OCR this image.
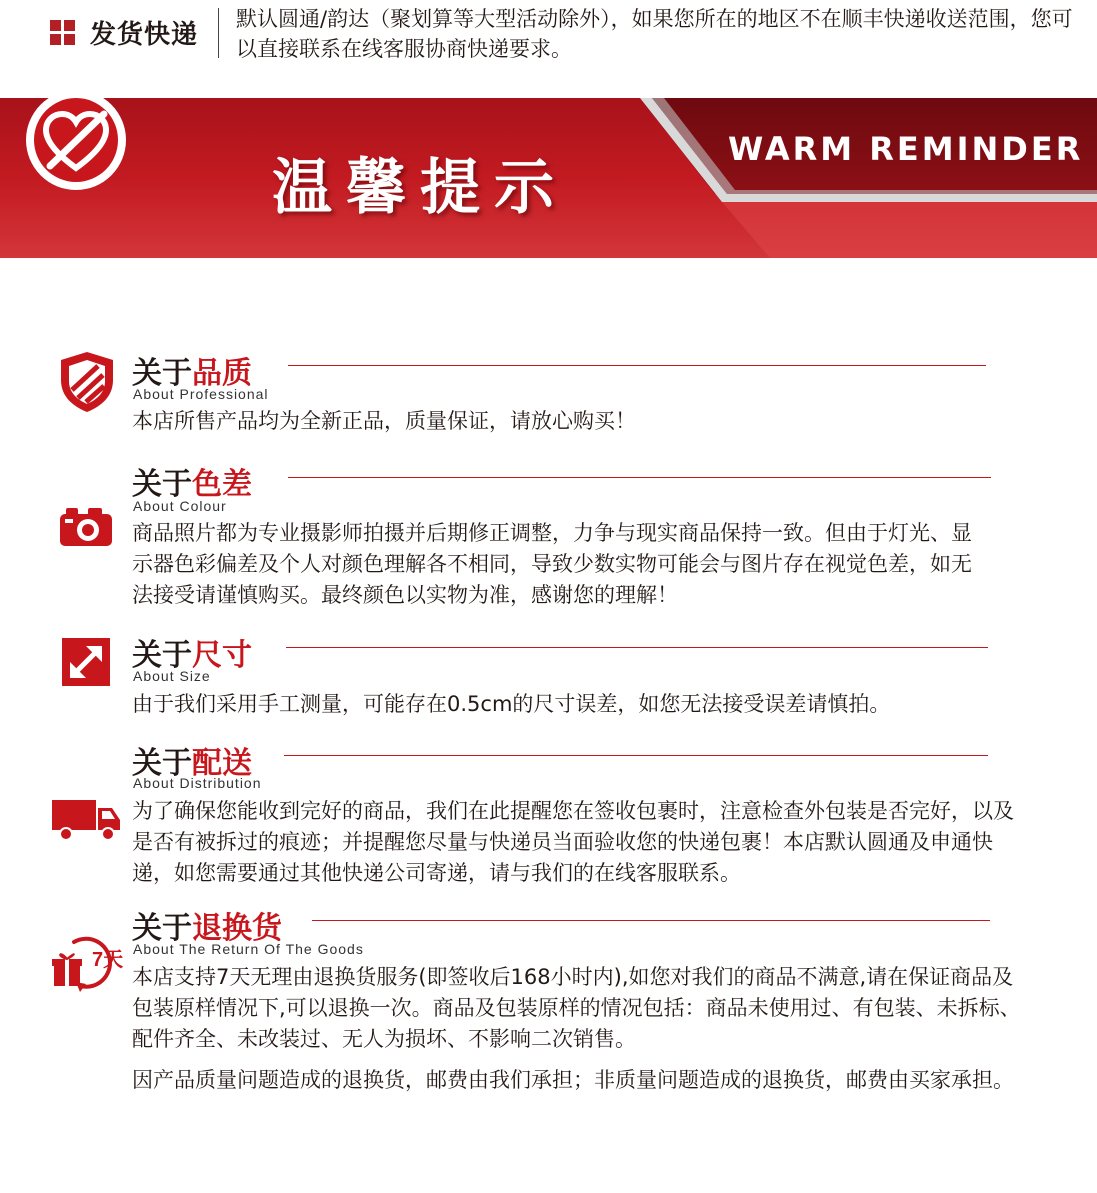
发货快递
默认圆通/韵达（聚划算等大型活动除外），如果您所在的地区不在顺丰快递收送范围，您可以直接联系在线客服协商快递要求。
温馨提示
WARM REMINDER
关于品质
About Professional

本店所售产品均为全新正品，质量保证，请放心购买！

关于色差
About Colour

商品照片都为专业摄影师拍摄并后期修正调整，力争与现实商品保持一致。但由于灯光、显示器色彩偏差及个人对颜色理解各不相同，导致少数实物可能会与图片存在视觉色差，如无法接受请谨慎购买。最终颜色以实物为准，感谢您的理解！

关于尺寸
About Size

由于我们采用手工测量，可能存在0.5cm的尺寸误差，如您无法接受误差请慎拍。

关于配送
About Distribution

为了确保您能收到完好的商品，我们在此提醒您在签收包裹时，注意检查外包装是否完好，以及是否有被拆过的痕迹；并提醒您尽量与快递员当面验收您的快递包裹！本店默认圆通及申通快递，如您需要通过其他快递公司寄递，请与我们的在线客服联系。

7天
关于退换货
About The Return Of The Goods

本店支持7天无理由退换货服务(即签收后168小时内),如您对我们的商品不满意,请在保证商品及包装原样情况下,可以退换一次。商品及包装原样的情况包括：商品未使用过、有包装、未拆标、配件齐全、未改装过、无人为损坏、不影响二次销售。

因产品质量问题造成的退换货，邮费由我们承担；非质量问题造成的退换货，邮费由买家承担。
